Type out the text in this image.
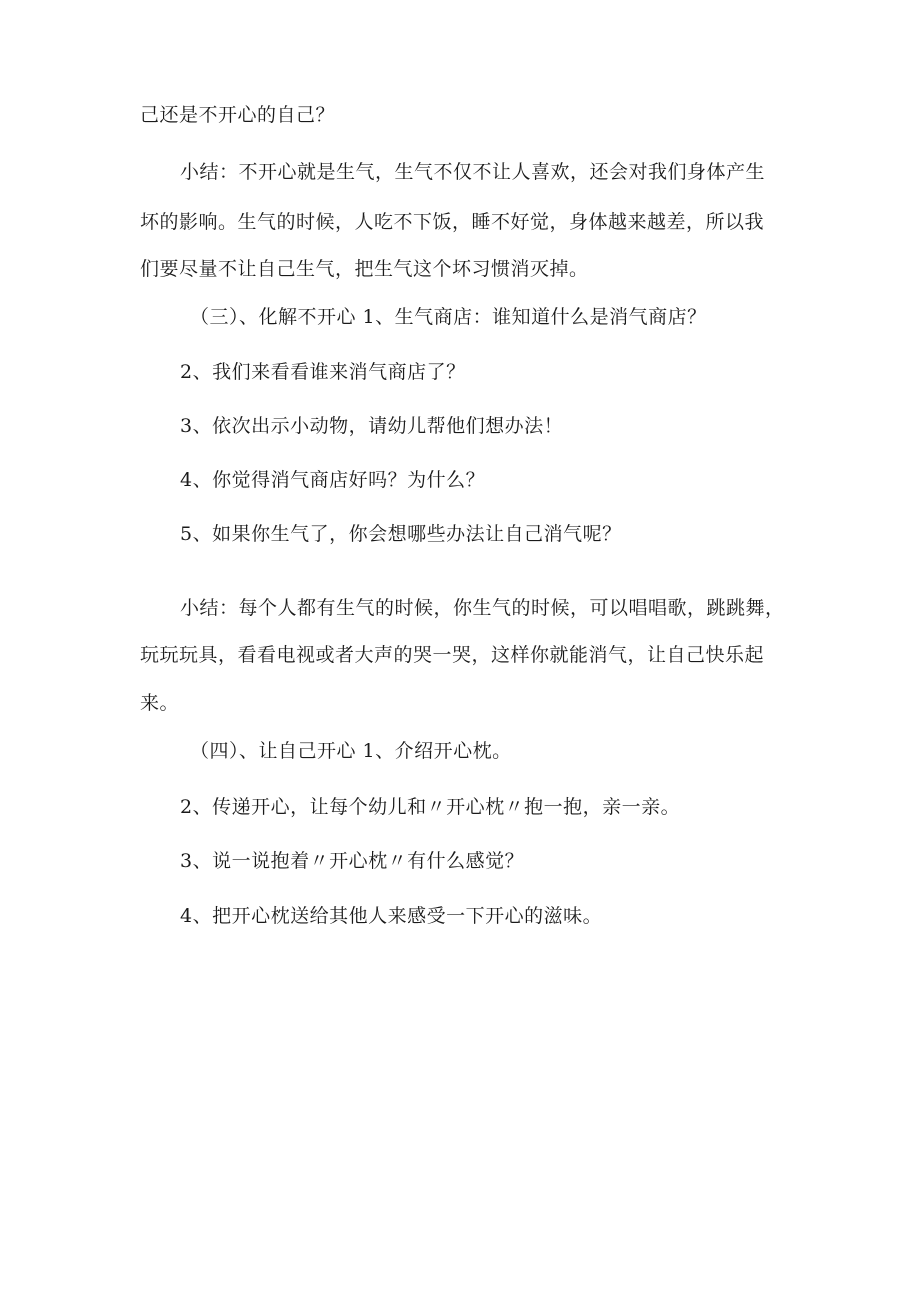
己还是不开心的自己？
小结：不开心就是生气，生气不仅不让人喜欢，还会对我们身体产生
坏的影响。生气的时候，人吃不下饭，睡不好觉，身体越来越差，所以我
们要尽量不让自己生气，把生气这个坏习惯消灭掉。
（三）、化解不开心 1、生气商店：谁知道什么是消气商店？
2、我们来看看谁来消气商店了？
3、依次出示小动物，请幼儿帮他们想办法！
4、你觉得消气商店好吗？为什么？
5、如果你生气了，你会想哪些办法让自己消气呢？
小结：每个人都有生气的时候，你生气的时候，可以唱唱歌，跳跳舞，
玩玩玩具，看看电视或者大声的哭一哭，这样你就能消气，让自己快乐起
来。
（四）、让自己开心 1、介绍开心枕。
2、传递开心，让每个幼儿和〃开心枕〃抱一抱，亲一亲。
3、说一说抱着〃开心枕〃有什么感觉？
4、把开心枕送给其他人来感受一下开心的滋味。
